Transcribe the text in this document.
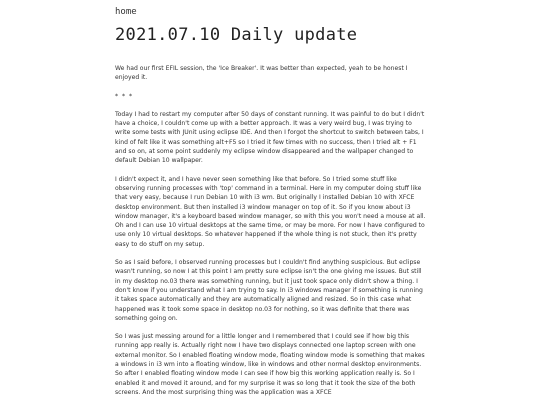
home
2021.07.10 Daily update

We had our first EFIL session, the 'Ice Breaker'. It was better than expected, yeah to be honest I enjoyed it.

* * *

Today I had to restart my computer after 50 days of constant running. It was painful to do but I didn't have a choice, I couldn't come up with a better approach. It was a very weird bug, I was trying to write some tests with JUnit using eclipse IDE. And then I forgot the shortcut to switch between tabs, I kind of felt like it was something alt+F5 so I tried it few times with no success, then I tried alt + F1 and so on, at some point suddenly my eclipse window disappeared and the wallpaper changed to default Debian 10 wallpaper.

I didn't expect it, and I have never seen something like that before. So I tried some stuff like observing running processes with 'top' command in a terminal. Here in my computer doing stuff like that very easy, because I run Debian 10 with i3 wm. But originally I installed Debian 10 with XFCE desktop environment. But then installed i3 window manager on top of it. So if you know about i3 window manager, it's a keyboard based window manager, so with this you won't need a mouse at all. Oh and I can use 10 virtual desktops at the same time, or may be more. For now I have configured to use only 10 virtual desktops. So whatever happened if the whole thing is not stuck, then it's pretty easy to do stuff on my setup.

So as I said before, I observed running processes but I couldn't find anything suspicious. But eclipse wasn't running, so now I at this point I am pretty sure eclipse isn't the one giving me issues. But still in my desktop no.03 there was something running, but it just took space only didn't show a thing. I don't know if you understand what I am trying to say. In i3 windows manager if something is running it takes space automatically and they are automatically aligned and resized. So in this case what happened was it took some space in desktop no.03 for nothing, so it was definite that there was something going on.

So I was just messing around for a little longer and I remembered that I could see if how big this running app really is. Actually right now I have two displays connected one laptop screen with one external monitor. So I enabled floating window mode, floating window mode is something that makes a windows in i3 wm into a floating window, like in windows and other normal desktop environments. So after I enabled floating window mode I can see if how big this working application really is. So I enabled it and moved it around, and for my surprise it was so long that it took the size of the both screens. And the most surprising thing was the application was a XFCE
